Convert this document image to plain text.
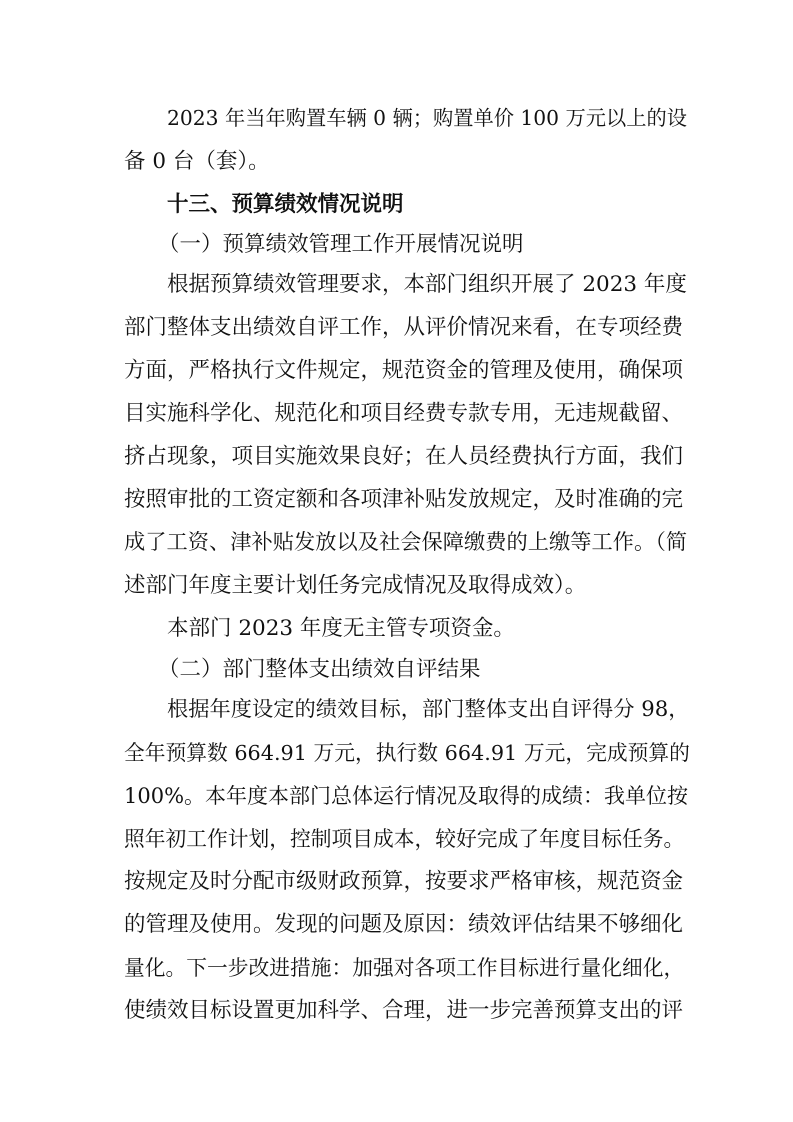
2023 年当年购置车辆 0 辆；购置单价 100 万元以上的设
备 0 台（套）。
十三、预算绩效情况说明
（一）预算绩效管理工作开展情况说明
根据预算绩效管理要求，本部门组织开展了 2023 年度
部门整体支出绩效自评工作，从评价情况来看，在专项经费
方面，严格执行文件规定，规范资金的管理及使用，确保项
目实施科学化、规范化和项目经费专款专用，无违规截留、
挤占现象，项目实施效果良好；在人员经费执行方面，我们
按照审批的工资定额和各项津补贴发放规定，及时准确的完
成了工资、津补贴发放以及社会保障缴费的上缴等工作。（简
述部门年度主要计划任务完成情况及取得成效）。
本部门 2023 年度无主管专项资金。
（二）部门整体支出绩效自评结果
根据年度设定的绩效目标，部门整体支出自评得分 98，
全年预算数 664.91 万元，执行数 664.91 万元，完成预算的
100%。本年度本部门总体运行情况及取得的成绩：我单位按
照年初工作计划，控制项目成本，较好完成了年度目标任务。
按规定及时分配市级财政预算，按要求严格审核，规范资金
的管理及使用。发现的问题及原因：绩效评估结果不够细化
量化。下一步改进措施：加强对各项工作目标进行量化细化，
使绩效目标设置更加科学、合理，进一步完善预算支出的评
